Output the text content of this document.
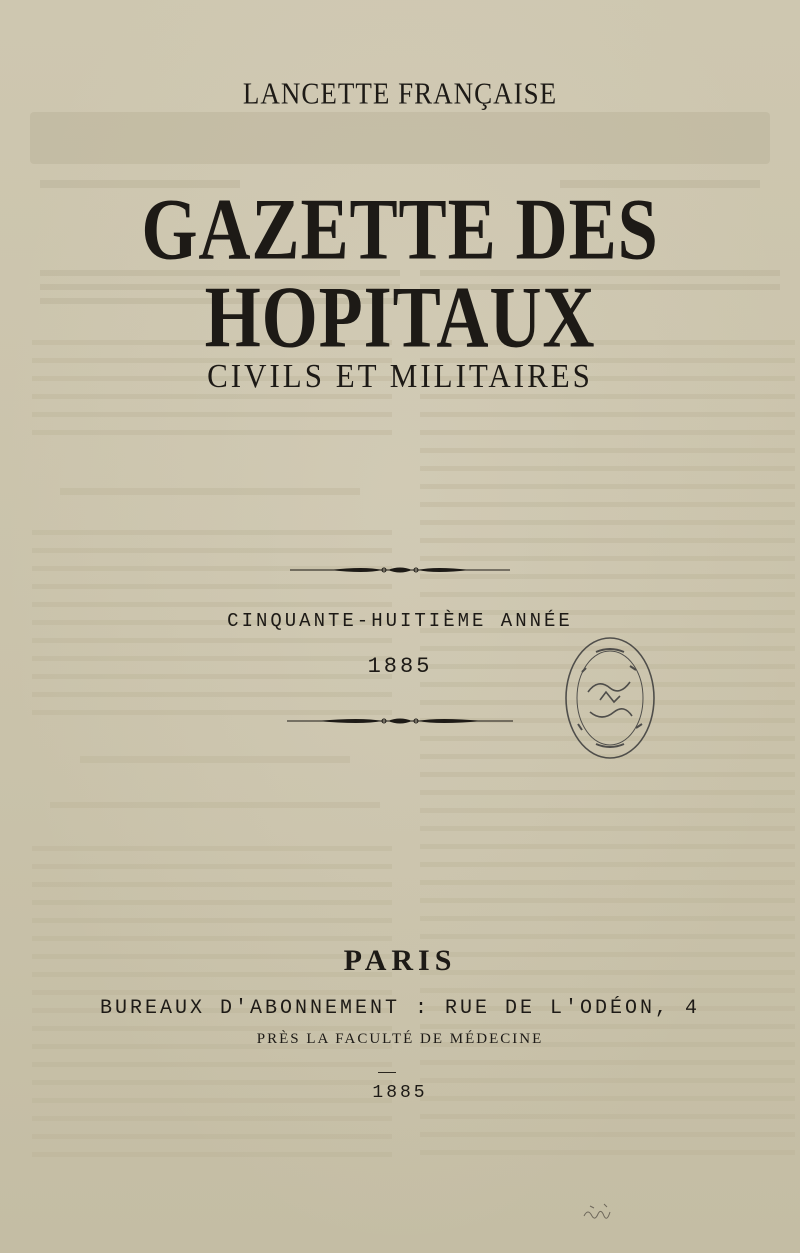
LANCETTE FRANÇAISE
GAZETTE DES HOPITAUX
CIVILS ET MILITAIRES
CINQUANTE-HUITIÈME ANNÉE
1885
PARIS
BUREAUX D'ABONNEMENT : RUE DE L'ODÉON, 4
PRÈS LA FACULTÉ DE MÉDECINE
1885
